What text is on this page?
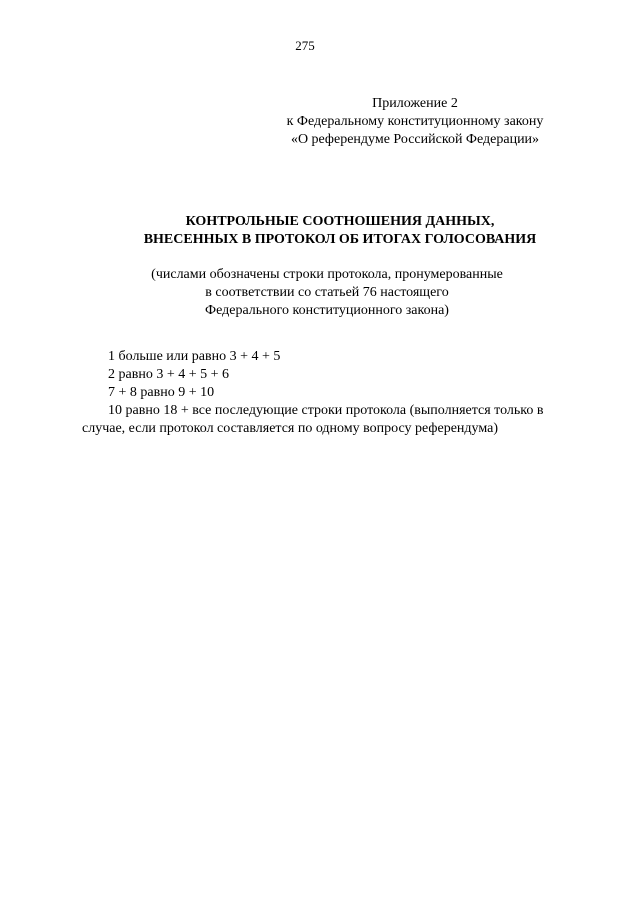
275
Приложение 2
к Федеральному конституционному закону
«О референдуме Российской Федерации»
КОНТРОЛЬНЫЕ СООТНОШЕНИЯ ДАННЫХ,
ВНЕСЕННЫХ В ПРОТОКОЛ ОБ ИТОГАХ ГОЛОСОВАНИЯ
(числами обозначены строки протокола, пронумерованные
в соответствии со статьей 76 настоящего
Федерального конституционного закона)
1 больше или равно 3 + 4 + 5
2 равно 3 + 4 + 5 + 6
7 + 8 равно 9 + 10
10 равно 18 + все последующие строки протокола (выполняется только в
случае, если протокол составляется по одному вопросу референдума)
